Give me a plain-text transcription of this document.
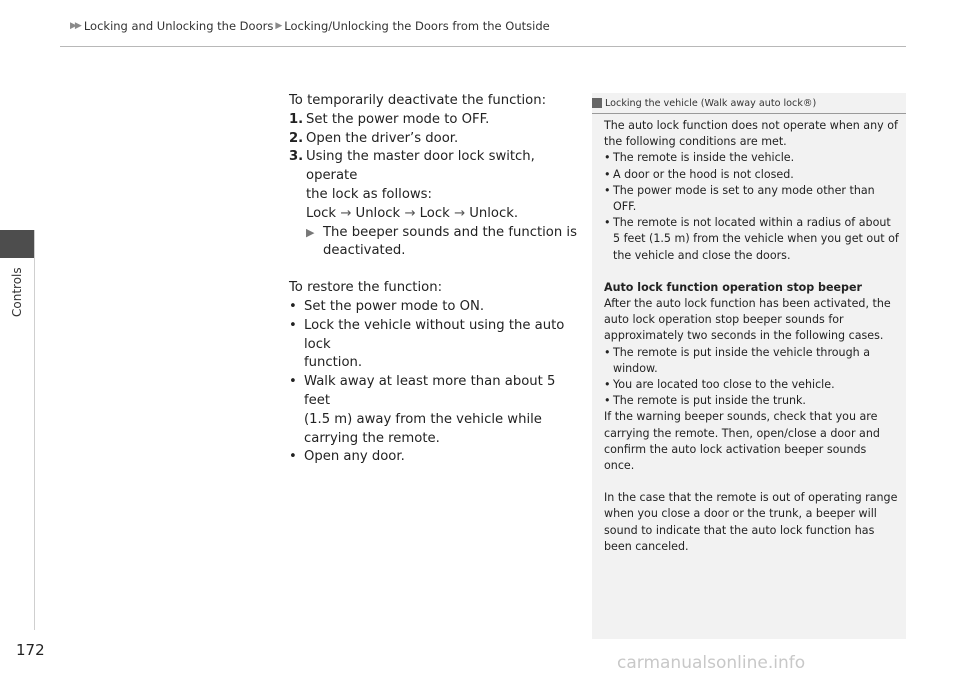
▶▶ Locking and Unlocking the Doors ▶ Locking/Unlocking the Doors from the Outside
Controls
172

To temporarily deactivate the function:

1. Set the power mode to OFF.
2. Open the driver’s door.
3. Using the master door lock switch, operate

the lock as follows:

Lock → Unlock → Lock → Unlock.

▶ The beeper sounds and the function is

deactivated.

To restore the function:

• Set the power mode to ON.
• Lock the vehicle without using the auto lock

function.

• Walk away at least more than about 5 feet

(1.5 m) away from the vehicle while

carrying the remote.

• Open any door.
Locking the vehicle (Walk away auto lock®)

The auto lock function does not operate when any of

the following conditions are met.

• The remote is inside the vehicle.
• A door or the hood is not closed.
• The power mode is set to any mode other than

OFF.

• The remote is not located within a radius of about

5 feet (1.5 m) from the vehicle when you get out of

the vehicle and close the doors.

Auto lock function operation stop beeper

After the auto lock function has been activated, the

auto lock operation stop beeper sounds for

approximately two seconds in the following cases.

• The remote is put inside the vehicle through a

window.

• You are located too close to the vehicle.
• The remote is put inside the trunk.

If the warning beeper sounds, check that you are

carrying the remote. Then, open/close a door and

confirm the auto lock activation beeper sounds once.

In the case that the remote is out of operating range

when you close a door or the trunk, a beeper will

sound to indicate that the auto lock function has

been canceled.

carmanualsonline.info
